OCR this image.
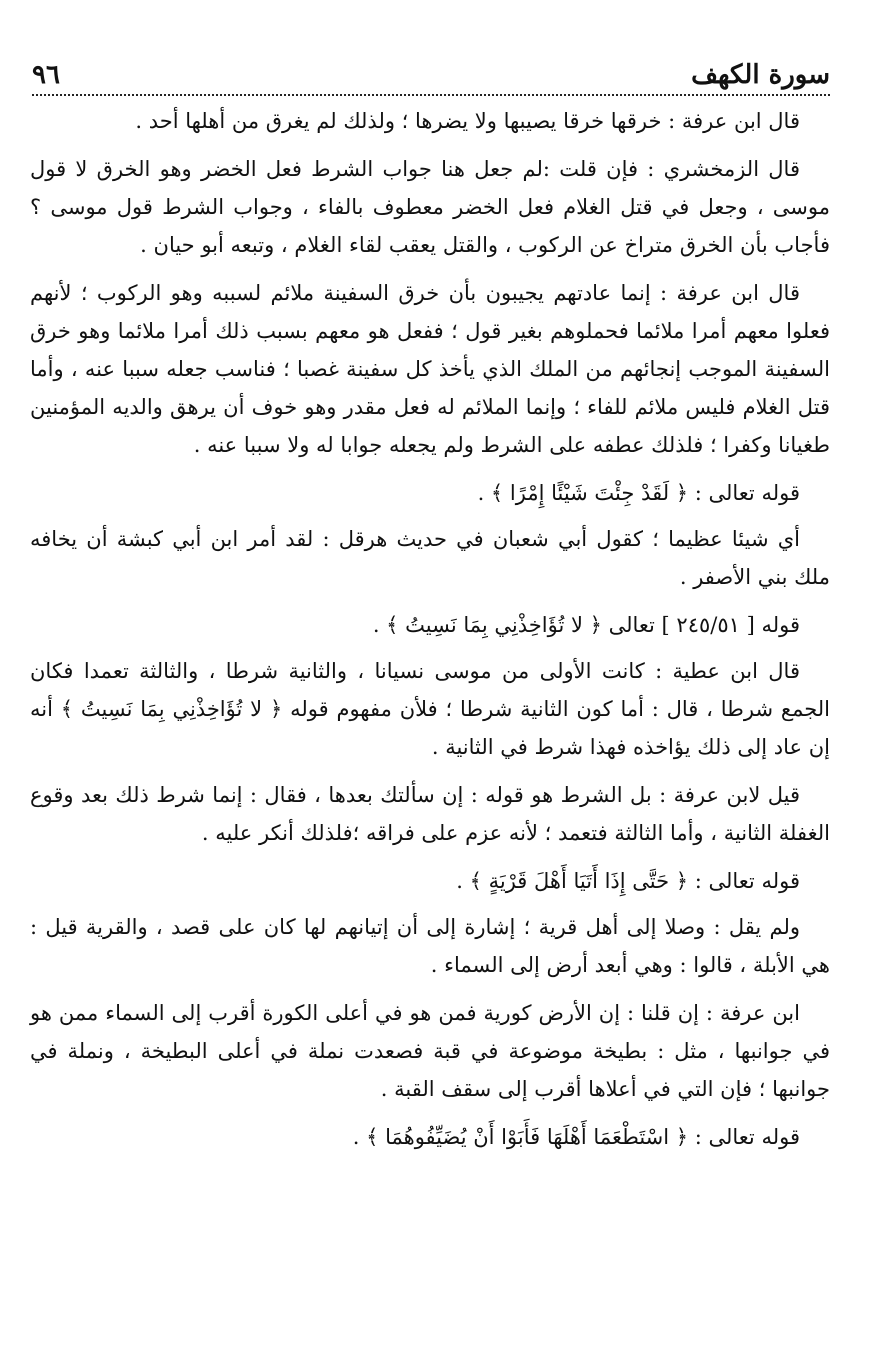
سورة الكهف
٩٦

قال ابن عرفة : خرقها خرقا يصيبها ولا يضرها ؛ ولذلك لم يغرق من أهلها أحد .

قال الزمخشري : فإن قلت :لم جعل هنا جواب الشرط فعل الخضر وهو الخرق لا قول موسى ، وجعل في قتل الغلام فعل الخضر معطوف بالفاء ، وجواب الشرط قول موسى ؟ فأجاب بأن الخرق متراخ عن الركوب ، والقتل يعقب لقاء الغلام ، وتبعه أبو حيان .

قال ابن عرفة : إنما عادتهم يجيبون بأن خرق السفينة ملائم لسببه وهو الركوب ؛ لأنهم فعلوا معهم أمرا ملائما فحملوهم بغير قول ؛ ففعل هو معهم بسبب ذلك أمرا ملائما وهو خرق السفينة الموجب إنجائهم من الملك الذي يأخذ كل سفينة غصبا ؛ فناسب جعله سببا عنه ، وأما قتل الغلام فليس ملائم للفاء ؛ وإنما الملائم له فعل مقدر وهو خوف أن يرهق والديه المؤمنين طغيانا وكفرا ؛ فلذلك عطفه على الشرط ولم يجعله جوابا له ولا سببا عنه .

قوله تعالى : ﴿ لَقَدْ جِئْتَ شَيْئًا إِمْرًا ﴾ .

أي شيئا عظيما ؛ كقول أبي شعبان في حديث هرقل : لقد أمر ابن أبي كبشة أن يخافه ملك بني الأصفر .

قوله [ ٢٤٥/٥١ ] تعالى ﴿ لا تُؤَاخِذْنِي بِمَا نَسِيتُ ﴾ .

قال ابن عطية : كانت الأولى من موسى نسيانا ، والثانية شرطا ، والثالثة تعمدا فكان الجمع شرطا ، قال : أما كون الثانية شرطا ؛ فلأن مفهوم قوله ﴿ لا تُؤَاخِذْنِي بِمَا نَسِيتُ ﴾ أنه إن عاد إلى ذلك يؤاخذه فهذا شرط في الثانية .

قيل لابن عرفة : بل الشرط هو قوله : إن سألتك بعدها ، فقال : إنما شرط ذلك بعد وقوع الغفلة الثانية ، وأما الثالثة فتعمد ؛ لأنه عزم على فراقه ؛فلذلك أنكر عليه .

قوله تعالى : ﴿ حَتَّى إِذَا أَتَيَا أَهْلَ قَرْيَةٍ ﴾ .

ولم يقل : وصلا إلى أهل قرية ؛ إشارة إلى أن إتيانهم لها كان على قصد ، والقرية قيل : هي الأبلة ، قالوا : وهي أبعد أرض إلى السماء .

ابن عرفة : إن قلنا : إن الأرض كورية فمن هو في أعلى الكورة أقرب إلى السماء ممن هو في جوانبها ، مثل : بطيخة موضوعة في قبة فصعدت نملة في أعلى البطيخة ، ونملة في جوانبها ؛ فإن التي في أعلاها أقرب إلى سقف القبة .

قوله تعالى : ﴿ اسْتَطْعَمَا أَهْلَهَا فَأَبَوْا أَنْ يُضَيِّفُوهُمَا ﴾ .
